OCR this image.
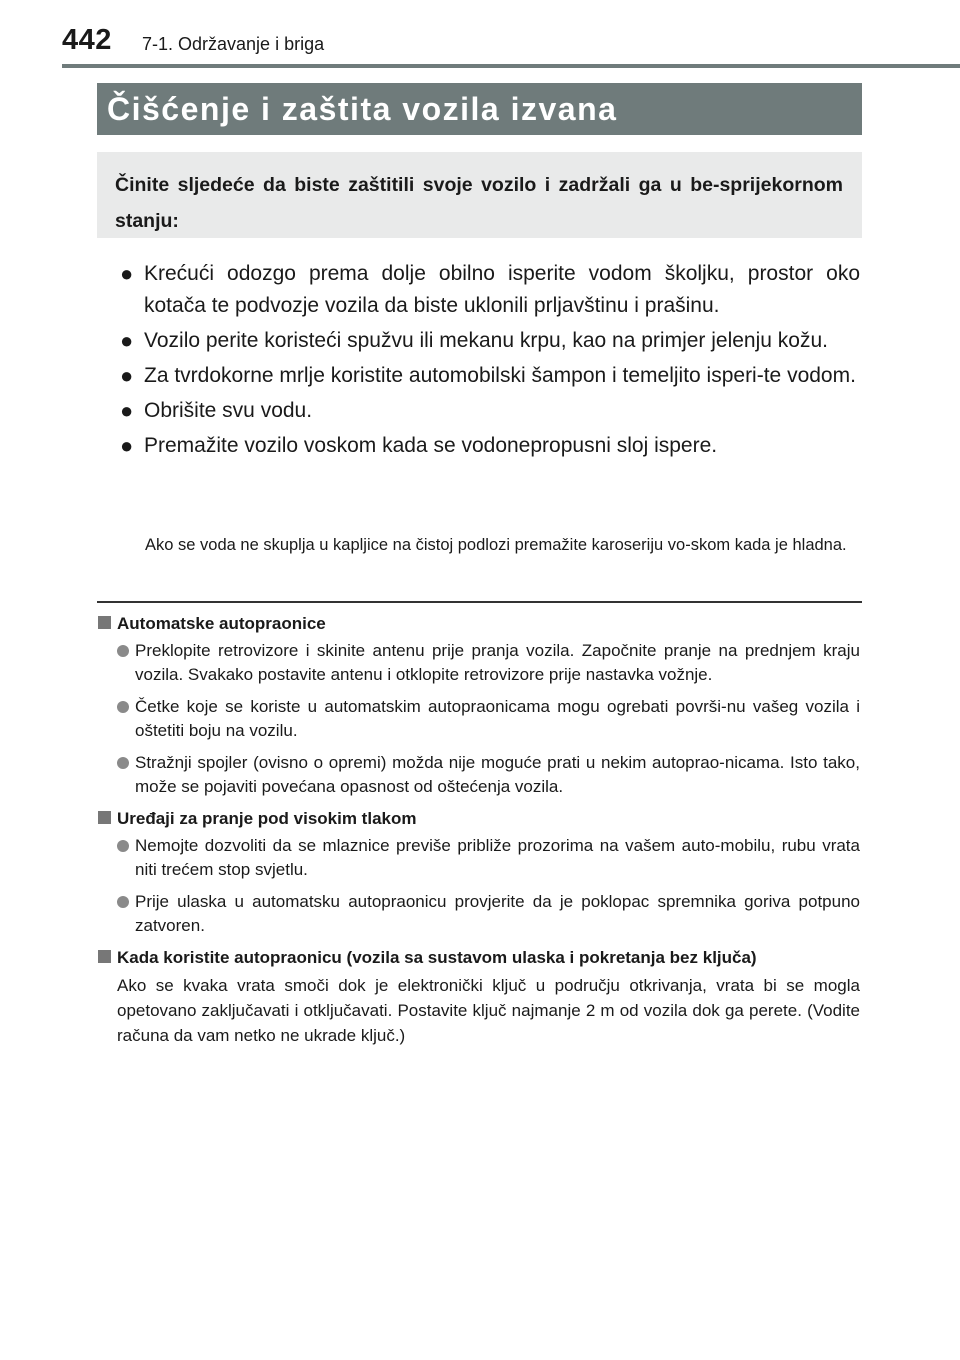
442 7-1. Održavanje i briga
Čišćenje i zaštita vozila izvana
Činite sljedeće da biste zaštitili svoje vozilo i zadržali ga u be-sprijekornom stanju:
● Krećući odozgo prema dolje obilno isperite vodom školjku, prostor oko kotača te podvozje vozila da biste uklonili prljavštinu i prašinu.
● Vozilo perite koristeći spužvu ili mekanu krpu, kao na primjer jelenju kožu.
● Za tvrdokorne mrlje koristite automobilski šampon i temeljito isperi-te vodom.
● Obrišite svu vodu.
● Premažite vozilo voskom kada se vodonepropusni sloj ispere.
Ako se voda ne skuplja u kapljice na čistoj podlozi premažite karoseriju vo-skom kada je hladna.
Automatske autopraonice
Preklopite retrovizore i skinite antenu prije pranja vozila. Započnite pranje na prednjem kraju vozila. Svakako postavite antenu i otklopite retrovizore prije nastavka vožnje.
Četke koje se koriste u automatskim autopraonicama mogu ogrebati površi-nu vašeg vozila i oštetiti boju na vozilu.
Stražnji spojler (ovisno o opremi) možda nije moguće prati u nekim autoprao-nicama. Isto tako, može se pojaviti povećana opasnost od oštećenja vozila.
Uređaji za pranje pod visokim tlakom
Nemojte dozvoliti da se mlaznice previše približe prozorima na vašem auto-mobilu, rubu vrata niti trećem stop svjetlu.
Prije ulaska u automatsku autopraonicu provjerite da je poklopac spremnika goriva potpuno zatvoren.
Kada koristite autopraonicu (vozila sa sustavom ulaska i pokretanja bez ključa)
Ako se kvaka vrata smoči dok je elektronički ključ u području otkrivanja, vrata bi se mogla opetovano zaključavati i otključavati. Postavite ključ najmanje 2 m od vozila dok ga perete. (Vodite računa da vam netko ne ukrade ključ.)
